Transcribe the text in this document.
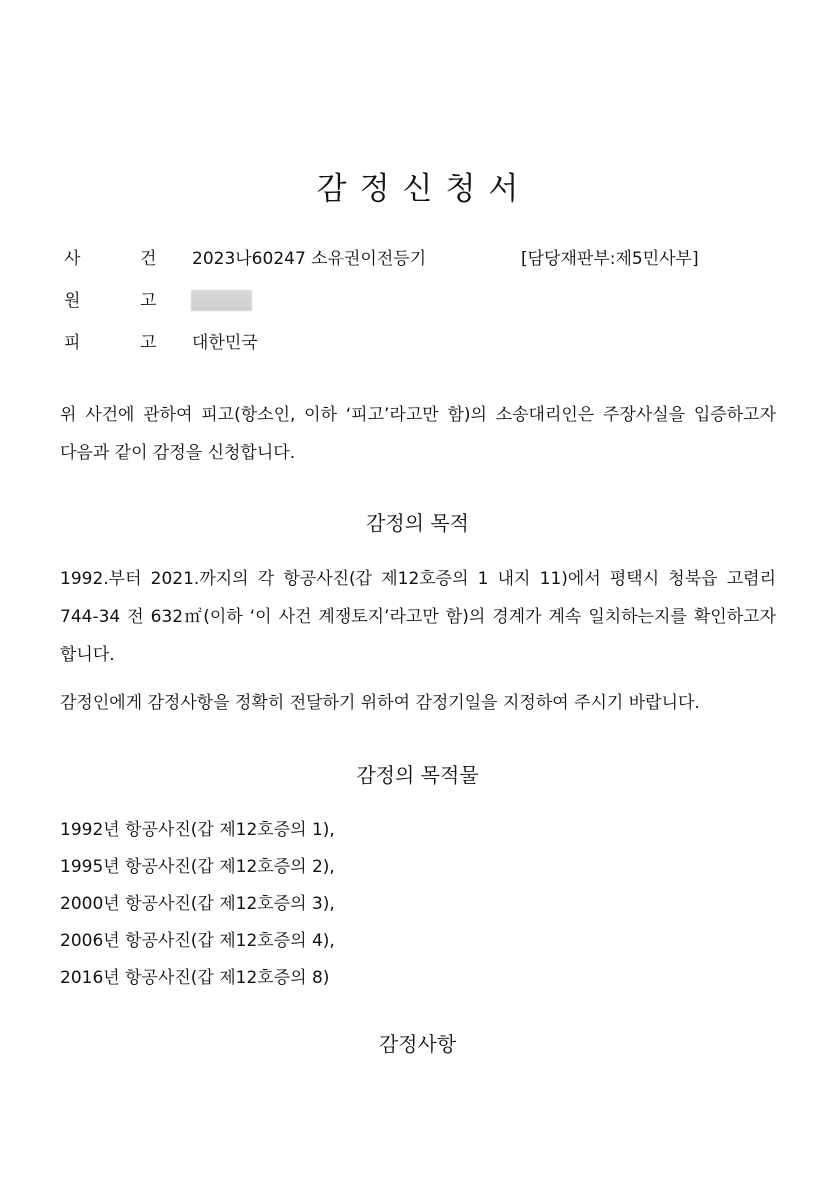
감정신청서
사	건 2023나60247 소유권이전등기	[담당재판부:제5민사부]
원	고
피	고 대한민국

위 사건에 관하여 피고(항소인, 이하 ‘피고’라고만 함)의 소송대리인은 주장사실을 입증하고자 다음과 같이 감정을 신청합니다.

감정의 목적

1992.부터 2021.까지의 각 항공사진(갑 제12호증의 1 내지 11)에서 평택시 청북읍 고렴리 744-34 전 632㎡(이하 ‘이 사건 계쟁토지’라고만 함)의 경계가 계속 일치하는지를 확인하고자 합니다.

감정인에게 감정사항을 정확히 전달하기 위하여 감정기일을 지정하여 주시기 바랍니다.

감정의 목적물
1992년 항공사진(갑 제12호증의 1),
1995년 항공사진(갑 제12호증의 2),
2000년 항공사진(갑 제12호증의 3),
2006년 항공사진(갑 제12호증의 4),
2016년 항공사진(갑 제12호증의 8)
감정사항
